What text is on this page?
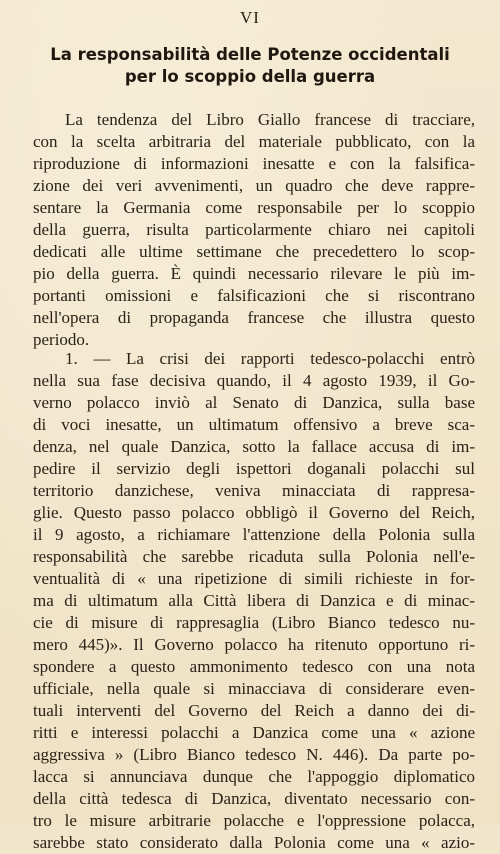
VI
La responsabilità delle Potenze occidentali
per lo scoppio della guerra
La tendenza del Libro Giallo francese di tracciare,
con la scelta arbitraria del materiale pubblicato, con la
riproduzione di informazioni inesatte e con la falsifica-
zione dei veri avvenimenti, un quadro che deve rappre-
sentare la Germania come responsabile per lo scoppio
della guerra, risulta particolarmente chiaro nei capitoli
dedicati alle ultime settimane che precedettero lo scop-
pio della guerra. È quindi necessario rilevare le più im-
portanti omissioni e falsificazioni che si riscontrano
nell'opera di propaganda francese che illustra questo
periodo.
1. — La crisi dei rapporti tedesco-polacchi entrò
nella sua fase decisiva quando, il 4 agosto 1939, il Go-
verno polacco inviò al Senato di Danzica, sulla base
di voci inesatte, un ultimatum offensivo a breve sca-
denza, nel quale Danzica, sotto la fallace accusa di im-
pedire il servizio degli ispettori doganali polacchi sul
territorio danzichese, veniva minacciata di rappresa-
glie. Questo passo polacco obbligò il Governo del Reich,
il 9 agosto, a richiamare l'attenzione della Polonia sulla
responsabilità che sarebbe ricaduta sulla Polonia nell'e-
ventualità di « una ripetizione di simili richieste in for-
ma di ultimatum alla Città libera di Danzica e di minac-
cie di misure di rappresaglia (Libro Bianco tedesco nu-
mero 445)». Il Governo polacco ha ritenuto opportuno ri-
spondere a questo ammonimento tedesco con una nota
ufficiale, nella quale si minacciava di considerare even-
tuali interventi del Governo del Reich a danno dei di-
ritti e interessi polacchi a Danzica come una « azione
aggressiva » (Libro Bianco tedesco N. 446). Da parte po-
lacca si annunciava dunque che l'appoggio diplomatico
della città tedesca di Danzica, diventato necessario con-
tro le misure arbitrarie polacche e l'oppressione polacca,
sarebbe stato considerato dalla Polonia come una « azio-
